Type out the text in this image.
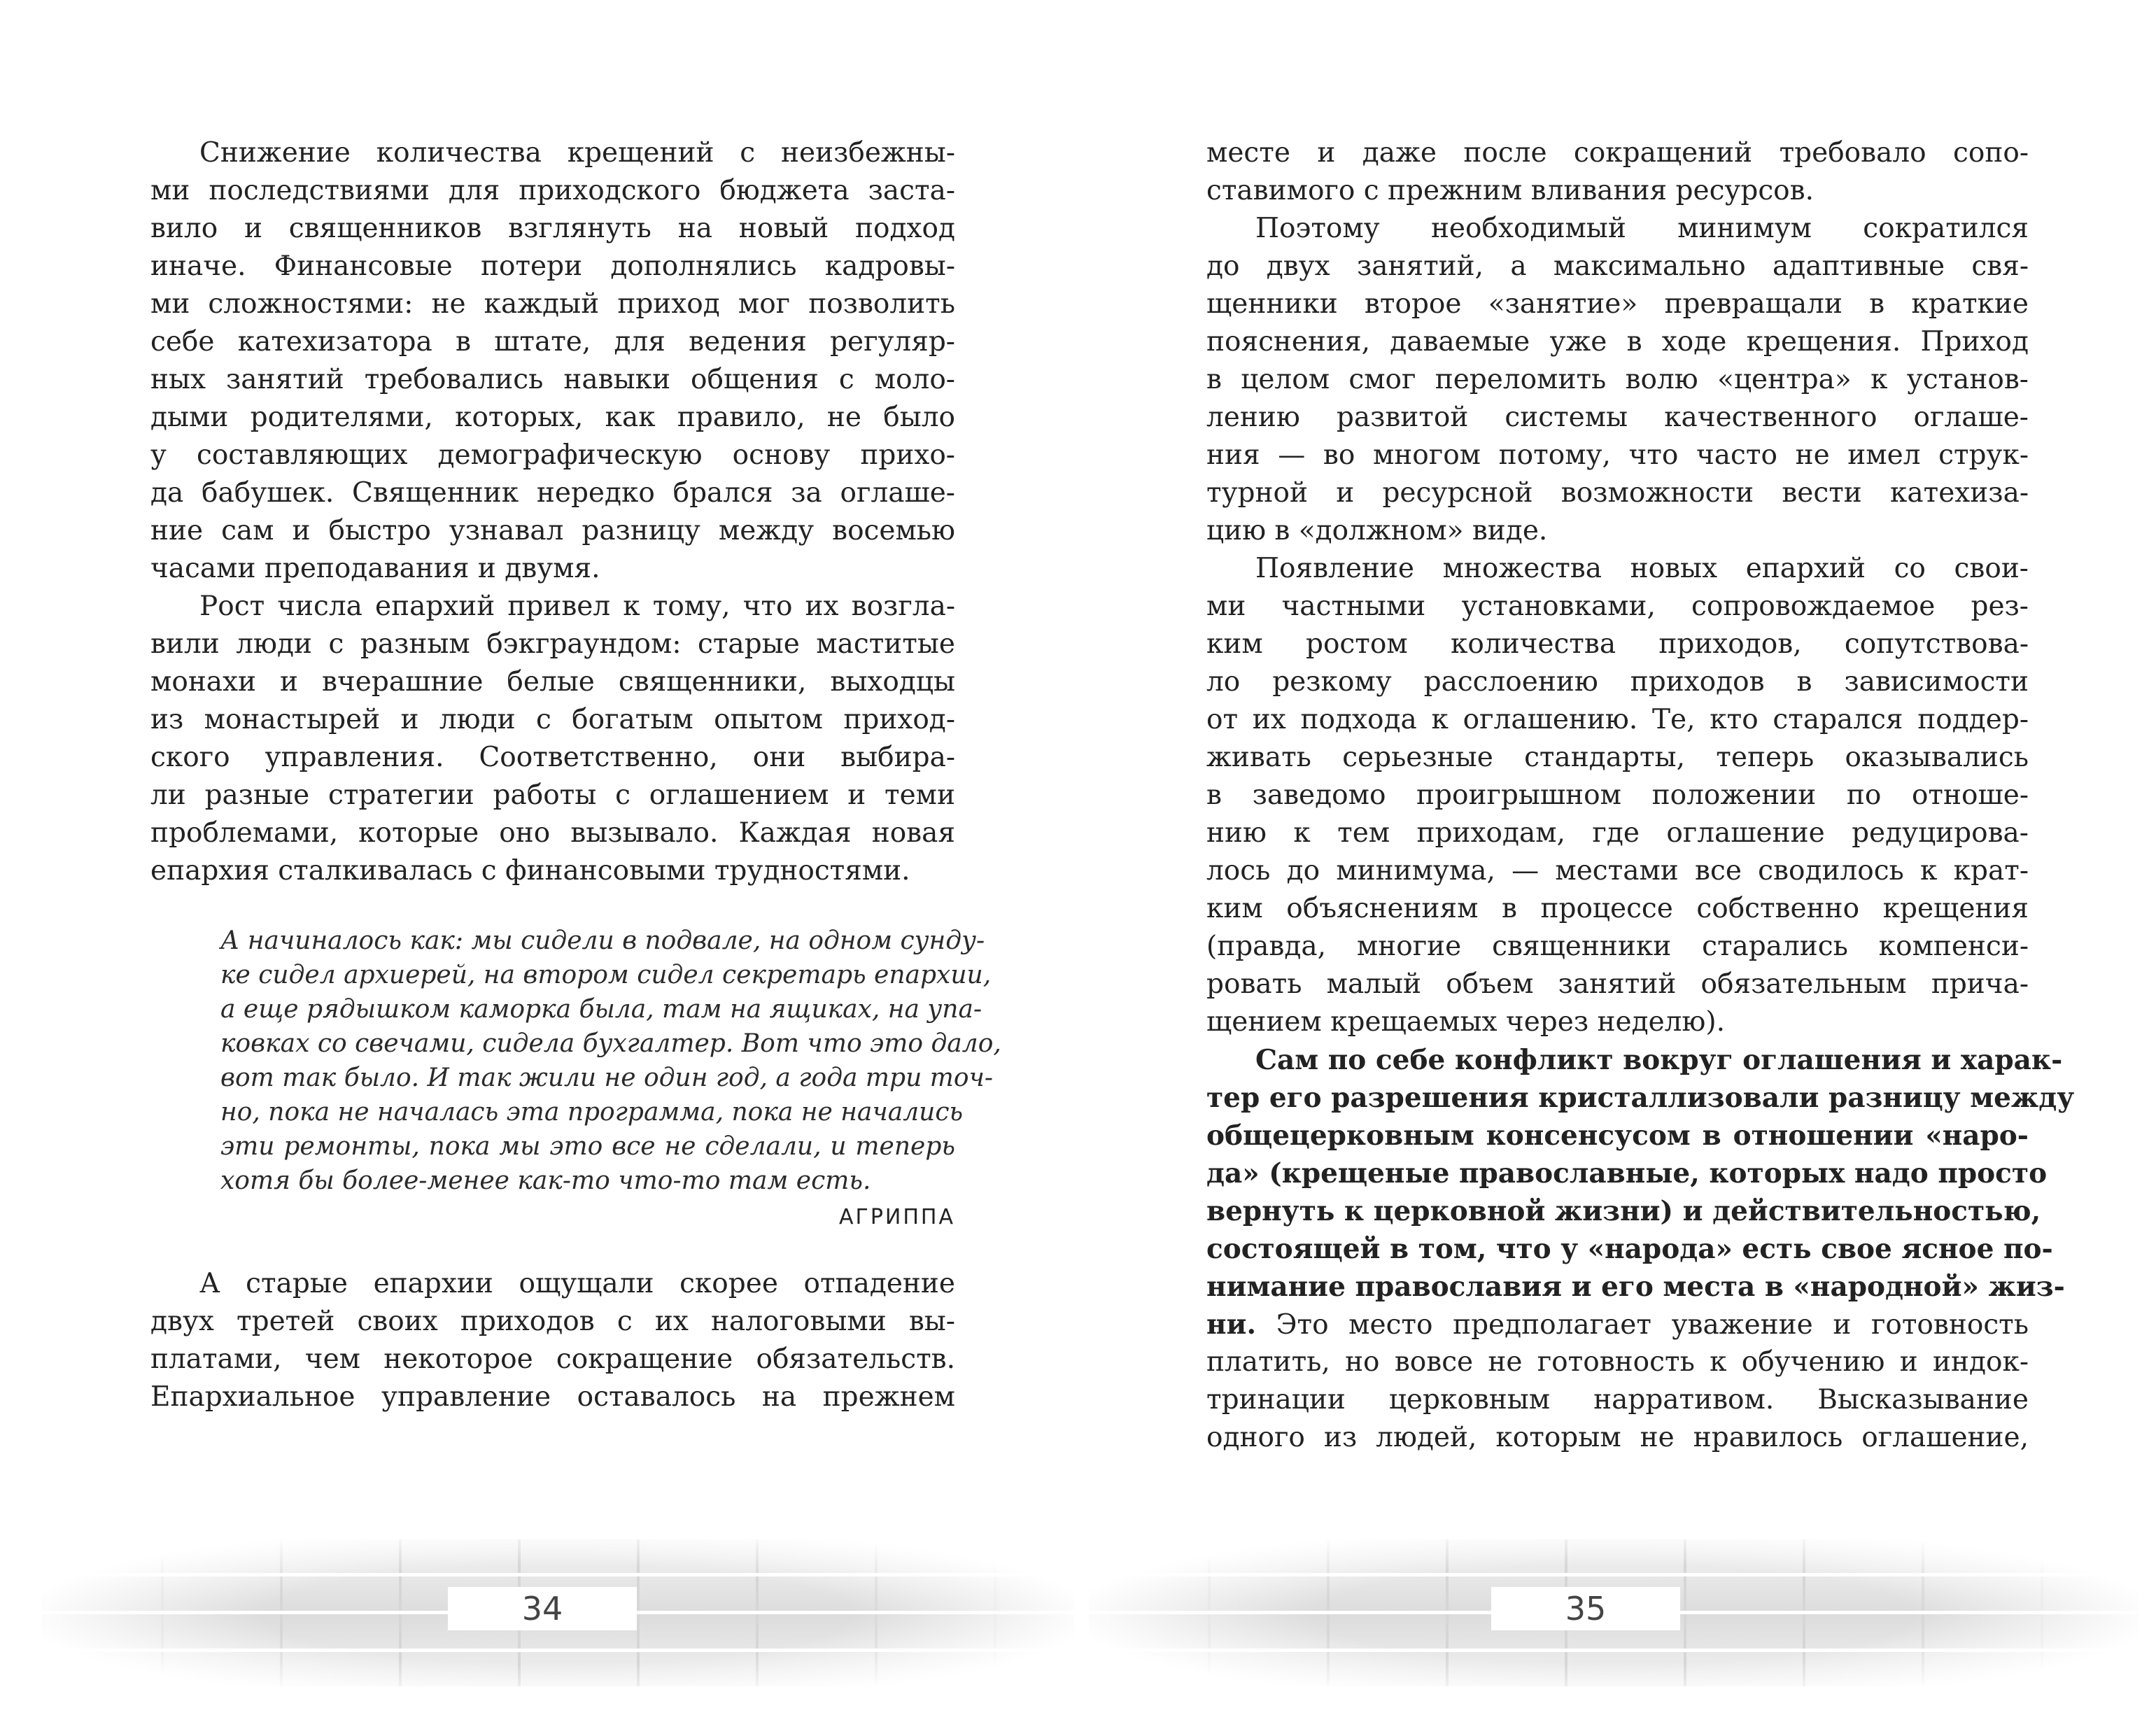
Снижение количества крещений с неизбежны-
ми последствиями для приходского бюджета заста-
вило и священников взглянуть на новый подход
иначе. Финансовые потери дополнялись кадровы-
ми сложностями: не каждый приход мог позволить
себе катехизатора в штате, для ведения регуляр-
ных занятий требовались навыки общения с моло-
дыми родителями, которых, как правило, не было
у составляющих демографическую основу прихо-
да бабушек. Священник нередко брался за оглаше-
ние сам и быстро узнавал разницу между восемью
часами преподавания и двумя.
Рост числа епархий привел к тому, что их возгла-
вили люди с разным бэкграундом: старые маститые
монахи и вчерашние белые священники, выходцы
из монастырей и люди с богатым опытом приход-
ского управления. Соответственно, они выбира-
ли разные стратегии работы с оглашением и теми
проблемами, которые оно вызывало. Каждая новая
епархия сталкивалась с финансовыми трудностями.
А начиналось как: мы сидели в подвале, на одном сунду-
ке сидел архиерей, на втором сидел секретарь епархии,
а еще рядышком каморка была, там на ящиках, на упа-
ковках со свечами, сидела бухгалтер. Вот что это дало,
вот так было. И так жили не один год, а года три точ-
но, пока не началась эта программа, пока не начались
эти ремонты, пока мы это все не сделали, и теперь
хотя бы более-менее как-то что-то там есть.
АГРИППА
А старые епархии ощущали скорее отпадение
двух третей своих приходов с их налоговыми вы-
платами, чем некоторое сокращение обязательств.
Епархиальное управление оставалось на прежнем
34
месте и даже после сокращений требовало сопо-
ставимого с прежним вливания ресурсов.
Поэтому необходимый минимум сократился
до двух занятий, а максимально адаптивные свя-
щенники второе «занятие» превращали в краткие
пояснения, даваемые уже в ходе крещения. Приход
в целом смог переломить волю «центра» к установ-
лению развитой системы качественного оглаше-
ния — во многом потому, что часто не имел струк-
турной и ресурсной возможности вести катехиза-
цию в «должном» виде.
Появление множества новых епархий со свои-
ми частными установками, сопровождаемое рез-
ким ростом количества приходов, сопутствова-
ло резкому расслоению приходов в зависимости
от их подхода к оглашению. Те, кто старался поддер-
живать серьезные стандарты, теперь оказывались
в заведомо проигрышном положении по отноше-
нию к тем приходам, где оглашение редуцирова-
лось до минимума, — местами все сводилось к крат-
ким объяснениям в процессе собственно крещения
(правда, многие священники старались компенси-
ровать малый объем занятий обязательным прича-
щением крещаемых через неделю).
Сам по себе конфликт вокруг оглашения и харак-
тер его разрешения кристаллизовали разницу между
общецерковным консенсусом в отношении «наро-
да» (крещеные православные, которых надо просто
вернуть к церковной жизни) и действительностью,
состоящей в том, что у «народа» есть свое ясное по-
нимание православия и его места в «народной» жиз-
ни. Это место предполагает уважение и готовность
платить, но вовсе не готовность к обучению и индок-
тринации церковным нарративом. Высказывание
одного из людей, которым не нравилось оглашение,
35
